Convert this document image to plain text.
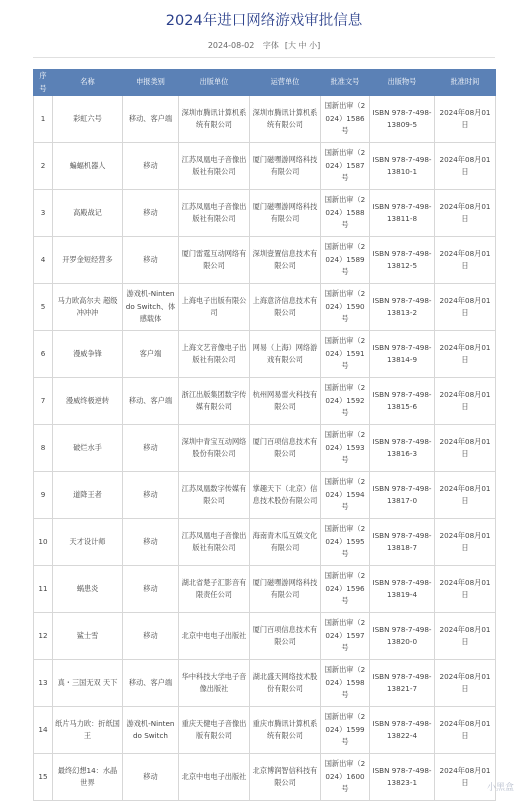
2024年进口网络游戏审批信息
2024-08-02 字体 [大 中 小]
序号	名称	申报类别	出版单位	运营单位	批准文号	出版物号	批准时间
1	彩虹六号	移动、客户端	深圳市腾讯计算机系统有限公司	深圳市腾讯计算机系统有限公司	国新出审（2024）1586号	ISBN 978-7-498-13809-5	2024年08月01日
2	蝙蝠机器人	移动	江苏凤凰电子音像出版社有限公司	厦门磁嘿游网络科技有限公司	国新出审（2024）1587号	ISBN 978-7-498-13810-1	2024年08月01日
3	高殿战记	移动	江苏凤凰电子音像出版社有限公司	厦门磁嘿游网络科技有限公司	国新出审（2024）1588号	ISBN 978-7-498-13811-8	2024年08月01日
4	开罗金短经营多	移动	厦门雷霆互动网络有限公司	深圳壹置信息技术有限公司	国新出审（2024）1589号	ISBN 978-7-498-13812-5	2024年08月01日
5	马力欧高尔夫 超级冲冲冲	游戏机-Nintendo Switch、体感载体	上海电子出版有限公司	上海意济信息技术有限公司	国新出审（2024）1590号	ISBN 978-7-498-13813-2	2024年08月01日
6	漫威争锋	客户端	上海文艺音像电子出版社有限公司	网易（上海）网络游戏有限公司	国新出审（2024）1591号	ISBN 978-7-498-13814-9	2024年08月01日
7	漫威终极逆转	移动、客户端	浙江出版集团数字传媒有限公司	杭州网易雷火科技有限公司	国新出审（2024）1592号	ISBN 978-7-498-13815-6	2024年08月01日
8	破烂水手	移动	深圳中青宝互动网络股份有限公司	厦门百项信息技术有限公司	国新出审（2024）1593号	ISBN 978-7-498-13816-3	2024年08月01日
9	道降王者	移动	江苏凤凰数字传媒有限公司	掌趣天下（北京）信息技术股份有限公司	国新出审（2024）1594号	ISBN 978-7-498-13817-0	2024年08月01日
10	天才设计师	移动	江苏凤凰电子音像出版社有限公司	海南青木瓜互娱文化有限公司	国新出审（2024）1595号	ISBN 978-7-498-13818-7	2024年08月01日
11	蜗患炎	移动	湖北省楚子汇影音有限责任公司	厦门磁嘿游网络科技有限公司	国新出审（2024）1596号	ISBN 978-7-498-13819-4	2024年08月01日
12	鲨士雪	移动	北京中电电子出版社	厦门百项信息技术有限公司	国新出审（2024）1597号	ISBN 978-7-498-13820-0	2024年08月01日
13	真・三国无双 天下	移动、客户端	华中科技大学电子音像出版社	湖北盛天网络技术股份有限公司	国新出审（2024）1598号	ISBN 978-7-498-13821-7	2024年08月01日
14	纸片马力欧：折纸国王	游戏机-Nintendo Switch	重庆天健电子音像出版有限公司	重庆市腾讯计算机系统有限公司	国新出审（2024）1599号	ISBN 978-7-498-13822-4	2024年08月01日
15	最终幻想14：水晶世界	移动	北京中电电子出版社	北京博润智信科技有限公司	国新出审（2024）1600号	ISBN 978-7-498-13823-1	2024年08月01日
小黑盒
